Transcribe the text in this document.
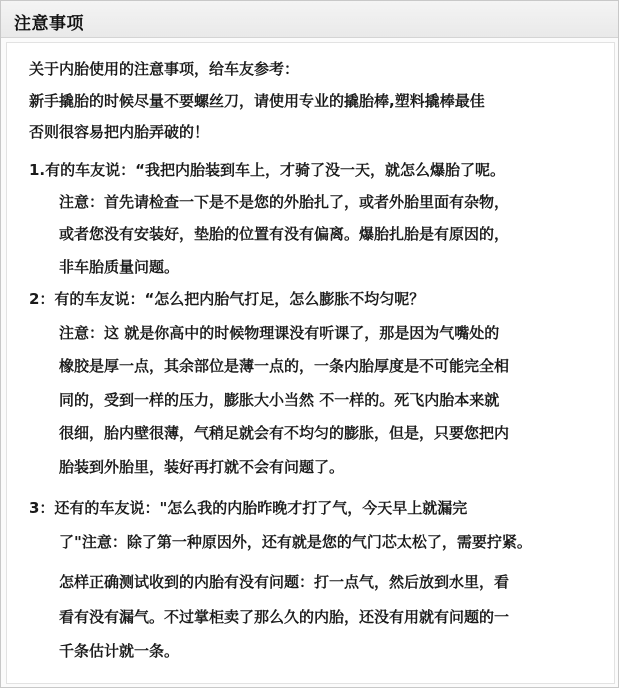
注意事项
关于内胎使用的注意事项，给车友参考：
新手撬胎的时候尽量不要螺丝刀，请使用专业的撬胎棒,塑料撬棒最佳
否则很容易把内胎弄破的！
1.有的车友说：“我把内胎装到车上，才骑了没一天，就怎么爆胎了呢。
注意：首先请检查一下是不是您的外胎扎了，或者外胎里面有杂物，
或者您没有安装好，垫胎的位置有没有偏离。爆胎扎胎是有原因的，
非车胎质量问题。
2：有的车友说：“怎么把内胎气打足，怎么膨胀不均匀呢？
注意：这 就是你高中的时候物理课没有听课了，那是因为气嘴处的
橡胶是厚一点，其余部位是薄一点的，一条内胎厚度是不可能完全相
同的，受到一样的压力，膨胀大小当然 不一样的。死飞内胎本来就
很细，胎内壁很薄，气稍足就会有不均匀的膨胀，但是，只要您把内
胎装到外胎里，装好再打就不会有问题了。
3：还有的车友说："怎么我的内胎昨晚才打了气，今天早上就漏完
了"注意：除了第一种原因外，还有就是您的气门芯太松了，需要拧紧。
怎样正确测试收到的内胎有没有问题：打一点气，然后放到水里，看
看有没有漏气。不过掌柜卖了那么久的内胎，还没有用就有问题的一
千条估计就一条。
